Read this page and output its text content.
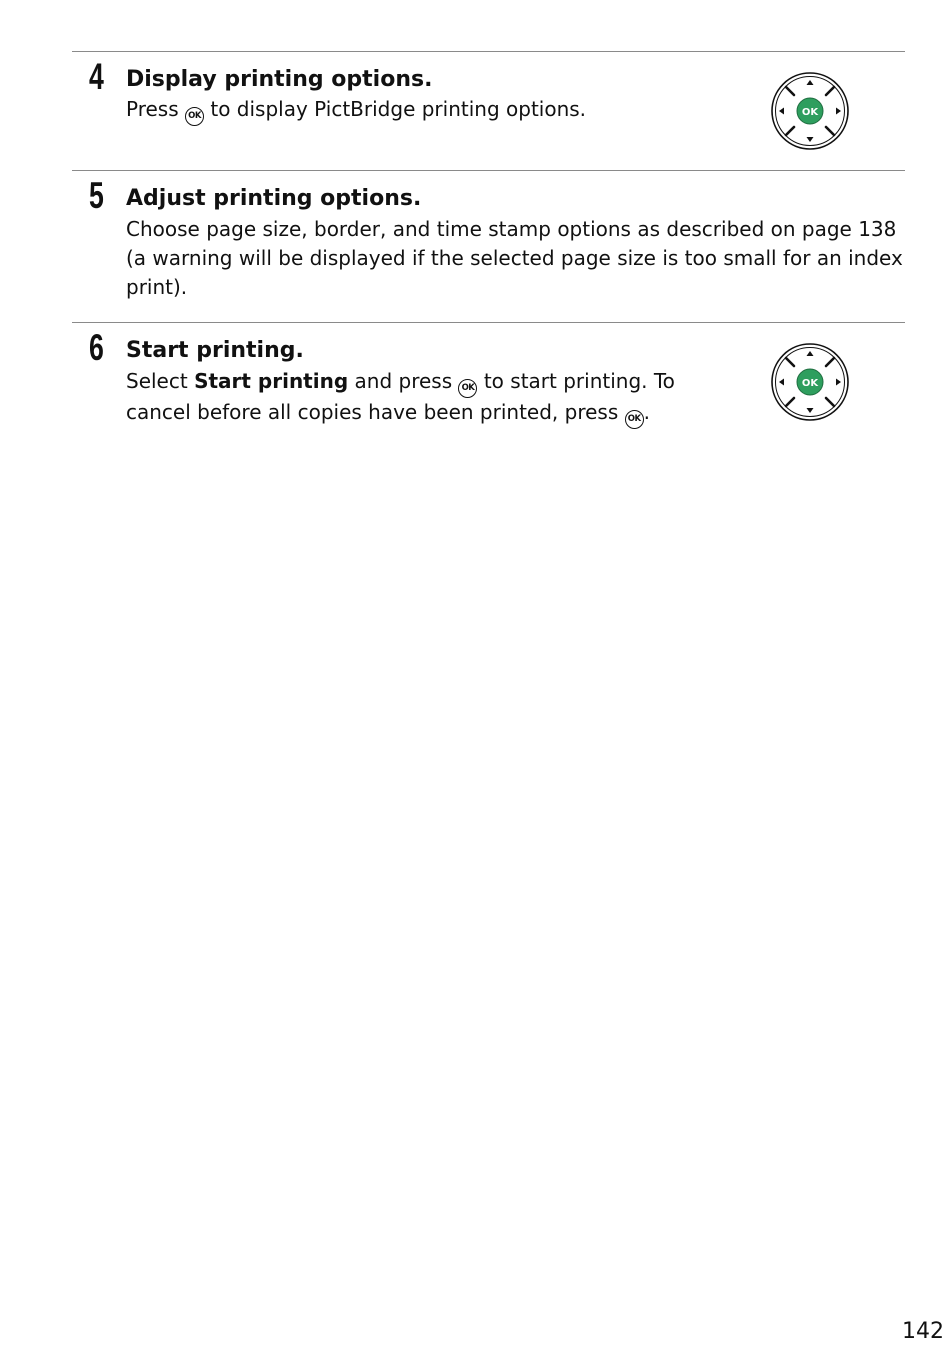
4 Display printing options.
Press OK to display PictBridge printing options.	OK
5 Adjust printing options.
Choose page size, border, and time stamp options as described on page 138 (a warning will be displayed if the selected page size is too small for an index print).
6 Start printing.
Select Start printing and press OK to start printing. To cancel before all copies have been printed, press OK .
OK
142
